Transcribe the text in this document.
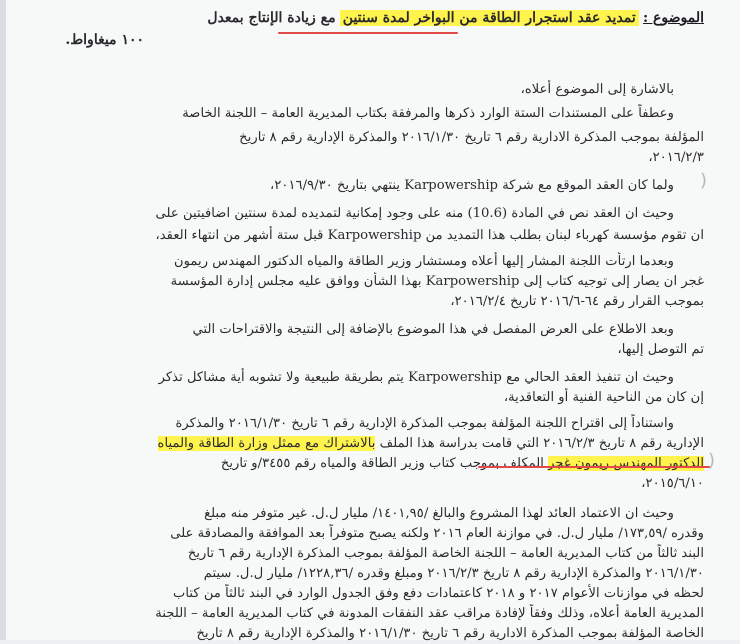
الموضوع : تمديد عقد استجرار الطاقة من البواخر لمدة سنتين مع زيادة الإنتاج بمعدل
١٠٠ ميغاواط.
بالاشارة إلى الموضوع أعلاه،
وعطفاً على المستندات الستة الوارد ذكرها والمرفقة بكتاب المديرية العامة – اللجنة الخاصة
المؤلفة بموجب المذكرة الادارية رقم ٦ تاريخ ٢٠١٦/١/٣٠ والمذكرة الإدارية رقم ٨ تاريخ
٢٠١٦/٢/٣،
ولما كان العقد الموقع مع شركة Karpowership ينتهي بتاريخ ٢٠١٦/٩/٣٠،	(
وحيث ان العقد نص في المادة (10.6) منه على وجود إمكانية لتمديده لمدة سنتين اضافيتين على
ان تقوم مؤسسة كهرباء لبنان بطلب هذا التمديد من Karpowership قبل ستة أشهر من انتهاء العقد،
وبعدما ارتأت اللجنة المشار إليها أعلاه ومستشار وزير الطاقة والمياه الدكتور المهندس ريمون
غجر ان يصار إلى توجيه كتاب إلى Karpowership بهذا الشأن ووافق عليه مجلس إدارة المؤسسة
بموجب القرار رقم ٦٤-٢٠١٦/٦ تاريخ ٢٠١٦/٢/٤،
وبعد الاطلاع على العرض المفصل في هذا الموضوع بالإضافة إلى النتيجة والاقتراحات التي
تم التوصل إليها،
وحيث ان تنفيذ العقد الحالي مع Karpowership يتم بطريقة طبيعية ولا تشوبه أية مشاكل تذكر
إن كان من الناحية الفنية أو التعاقدية،
واستناداً إلى اقتراح اللجنة المؤلفة بموجب المذكرة الإدارية رقم ٦ تاريخ ٢٠١٦/١/٣٠ والمذكرة
الإدارية رقم ٨ تاريخ ٢٠١٦/٢/٣ التي قامت بدراسة هذا الملف بالاشتراك مع ممثل وزارة الطاقة والمياه
الدكتور المهندس ريمون غجر المكلف بموجب كتاب وزير الطاقة والمياه رقم ٣٤٥٥/و تاريخ	(
٢٠١٥/٦/١٠،
وحيث ان الاعتماد العائد لهذا المشروع والبالغ /١٤٠١,٩٥/ مليار ل.ل. غير متوفر منه مبلغ
وقدره /١٧٣,٥٩/ مليار ل.ل. في موازنة العام ٢٠١٦ ولكنه يصبح متوفراً بعد الموافقة والمصادقة على
البند ثالثاً من كتاب المديرية العامة – اللجنة الخاصة المؤلفة بموجب المذكرة الإدارية رقم ٦ تاريخ
٢٠١٦/١/٣٠ والمذكرة الإدارية رقم ٨ تاريخ ٢٠١٦/٢/٣ ومبلغ وقدره /١٢٢٨,٣٦/ مليار ل.ل. سيتم
لحظه في موازنات الأعوام ٢٠١٧ و ٢٠١٨ كاعتمادات دفع وفق الجدول الوارد في البند ثالثاً من كتاب
المديرية العامة أعلاه، وذلك وفقاً لإفادة مراقب عقد النفقات المدونة في كتاب المديرية العامة – اللجنة
الخاصة المؤلفة بموجب المذكرة الادارية رقم ٦ تاريخ ٢٠١٦/١/٣٠ والمذكرة الإدارية رقم ٨ تاريخ
